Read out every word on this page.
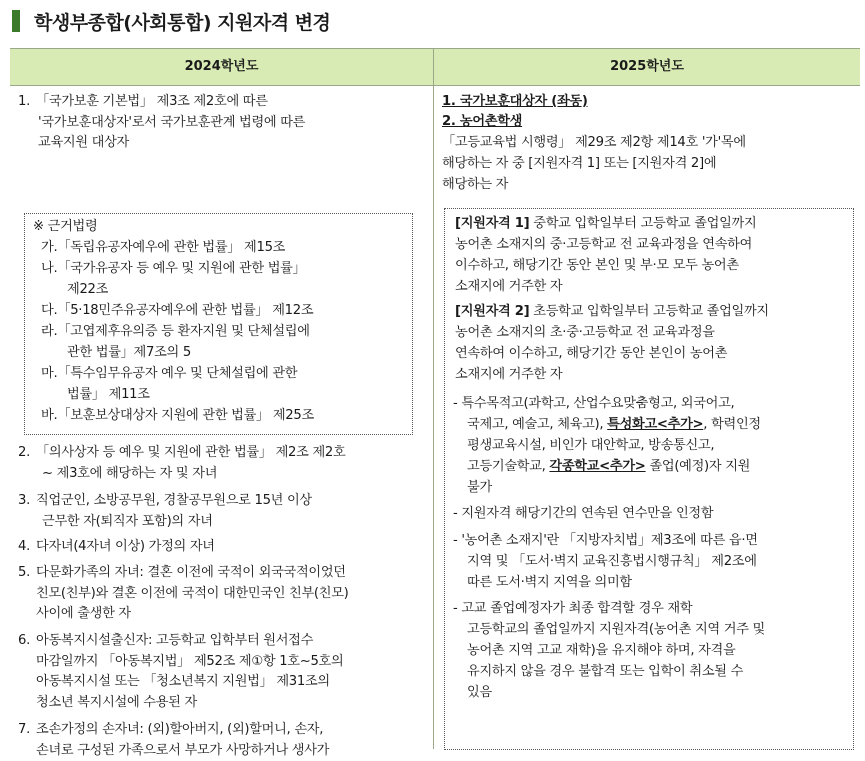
학생부종합(사회통합) 지원자격 변경
2024학년도	2025학년도
1. 「국가보훈 기본법」 제3조 제2호에 따른
'국가보훈대상자'로서 국가보훈관계 법령에 따른
교육지원 대상자
※ 근거법령
가.「독립유공자예우에 관한 법률」 제15조
나.「국가유공자 등 예우 및 지원에 관한 법률」
제22조
다.「5·18민주유공자예우에 관한 법률」 제12조
라.「고엽제후유의증 등 환자지원 및 단체설립에
관한 법률」제7조의 5
마.「특수임무유공자 예우 및 단체설립에 관한
법률」 제11조
바.「보훈보상대상자 지원에 관한 법률」 제25조
2. 「의사상자 등 예우 및 지원에 관한 법률」 제2조 제2호
~ 제3호에 해당하는 자 및 자녀
3. 직업군인, 소방공무원, 경찰공무원으로 15년 이상
근무한 자(퇴직자 포함)의 자녀
4. 다자녀(4자녀 이상) 가정의 자녀
5. 다문화가족의 자녀: 결혼 이전에 국적이 외국국적이었던
친모(친부)와 결혼 이전에 국적이 대한민국인 친부(친모)
사이에 출생한 자
6. 아동복지시설출신자: 고등학교 입학부터 원서접수
마감일까지 「아동복지법」 제52조 제①항 1호~5호의
아동복지시설 또는 「청소년복지 지원법」 제31조의
청소년 복지시설에 수용된 자
7. 조손가정의 손자녀: (외)할아버지, (외)할머니, 손자,
손녀로 구성된 가족으로서 부모가 사망하거나 생사가
1. 국가보훈대상자 (좌동)
2. 농어촌학생
「고등교육법 시행령」 제29조 제2항 제14호 '가'목에
해당하는 자 중 [지원자격 1] 또는 [지원자격 2]에
해당하는 자
[지원자격 1] 중학교 입학일부터 고등학교 졸업일까지
농어촌 소재지의 중·고등학교 전 교육과정을 연속하여
이수하고, 해당기간 동안 본인 및 부·모 모두 농어촌
소재지에 거주한 자
[지원자격 2] 초등학교 입학일부터 고등학교 졸업일까지
농어촌 소재지의 초·중·고등학교 전 교육과정을
연속하여 이수하고, 해당기간 동안 본인이 농어촌
소재지에 거주한 자
- 특수목적고(과학고, 산업수요맞춤형고, 외국어고,
국제고, 예술고, 체육고), 특성화고<추가>, 학력인정
평생교육시설, 비인가 대안학교, 방송통신고,
고등기술학교, 각종학교<추가> 졸업(예정)자 지원
불가
- 지원자격 해당기간의 연속된 연수만을 인정함
- '농어촌 소재지'란 「지방자치법」제3조에 따른 읍·면
지역 및 「도서·벽지 교육진흥법시행규칙」 제2조에
따른 도서·벽지 지역을 의미함
- 고교 졸업예정자가 최종 합격할 경우 재학
고등학교의 졸업일까지 지원자격(농어촌 지역 거주 및
농어촌 지역 고교 재학)을 유지해야 하며, 자격을
유지하지 않을 경우 불합격 또는 입학이 취소될 수
있음
